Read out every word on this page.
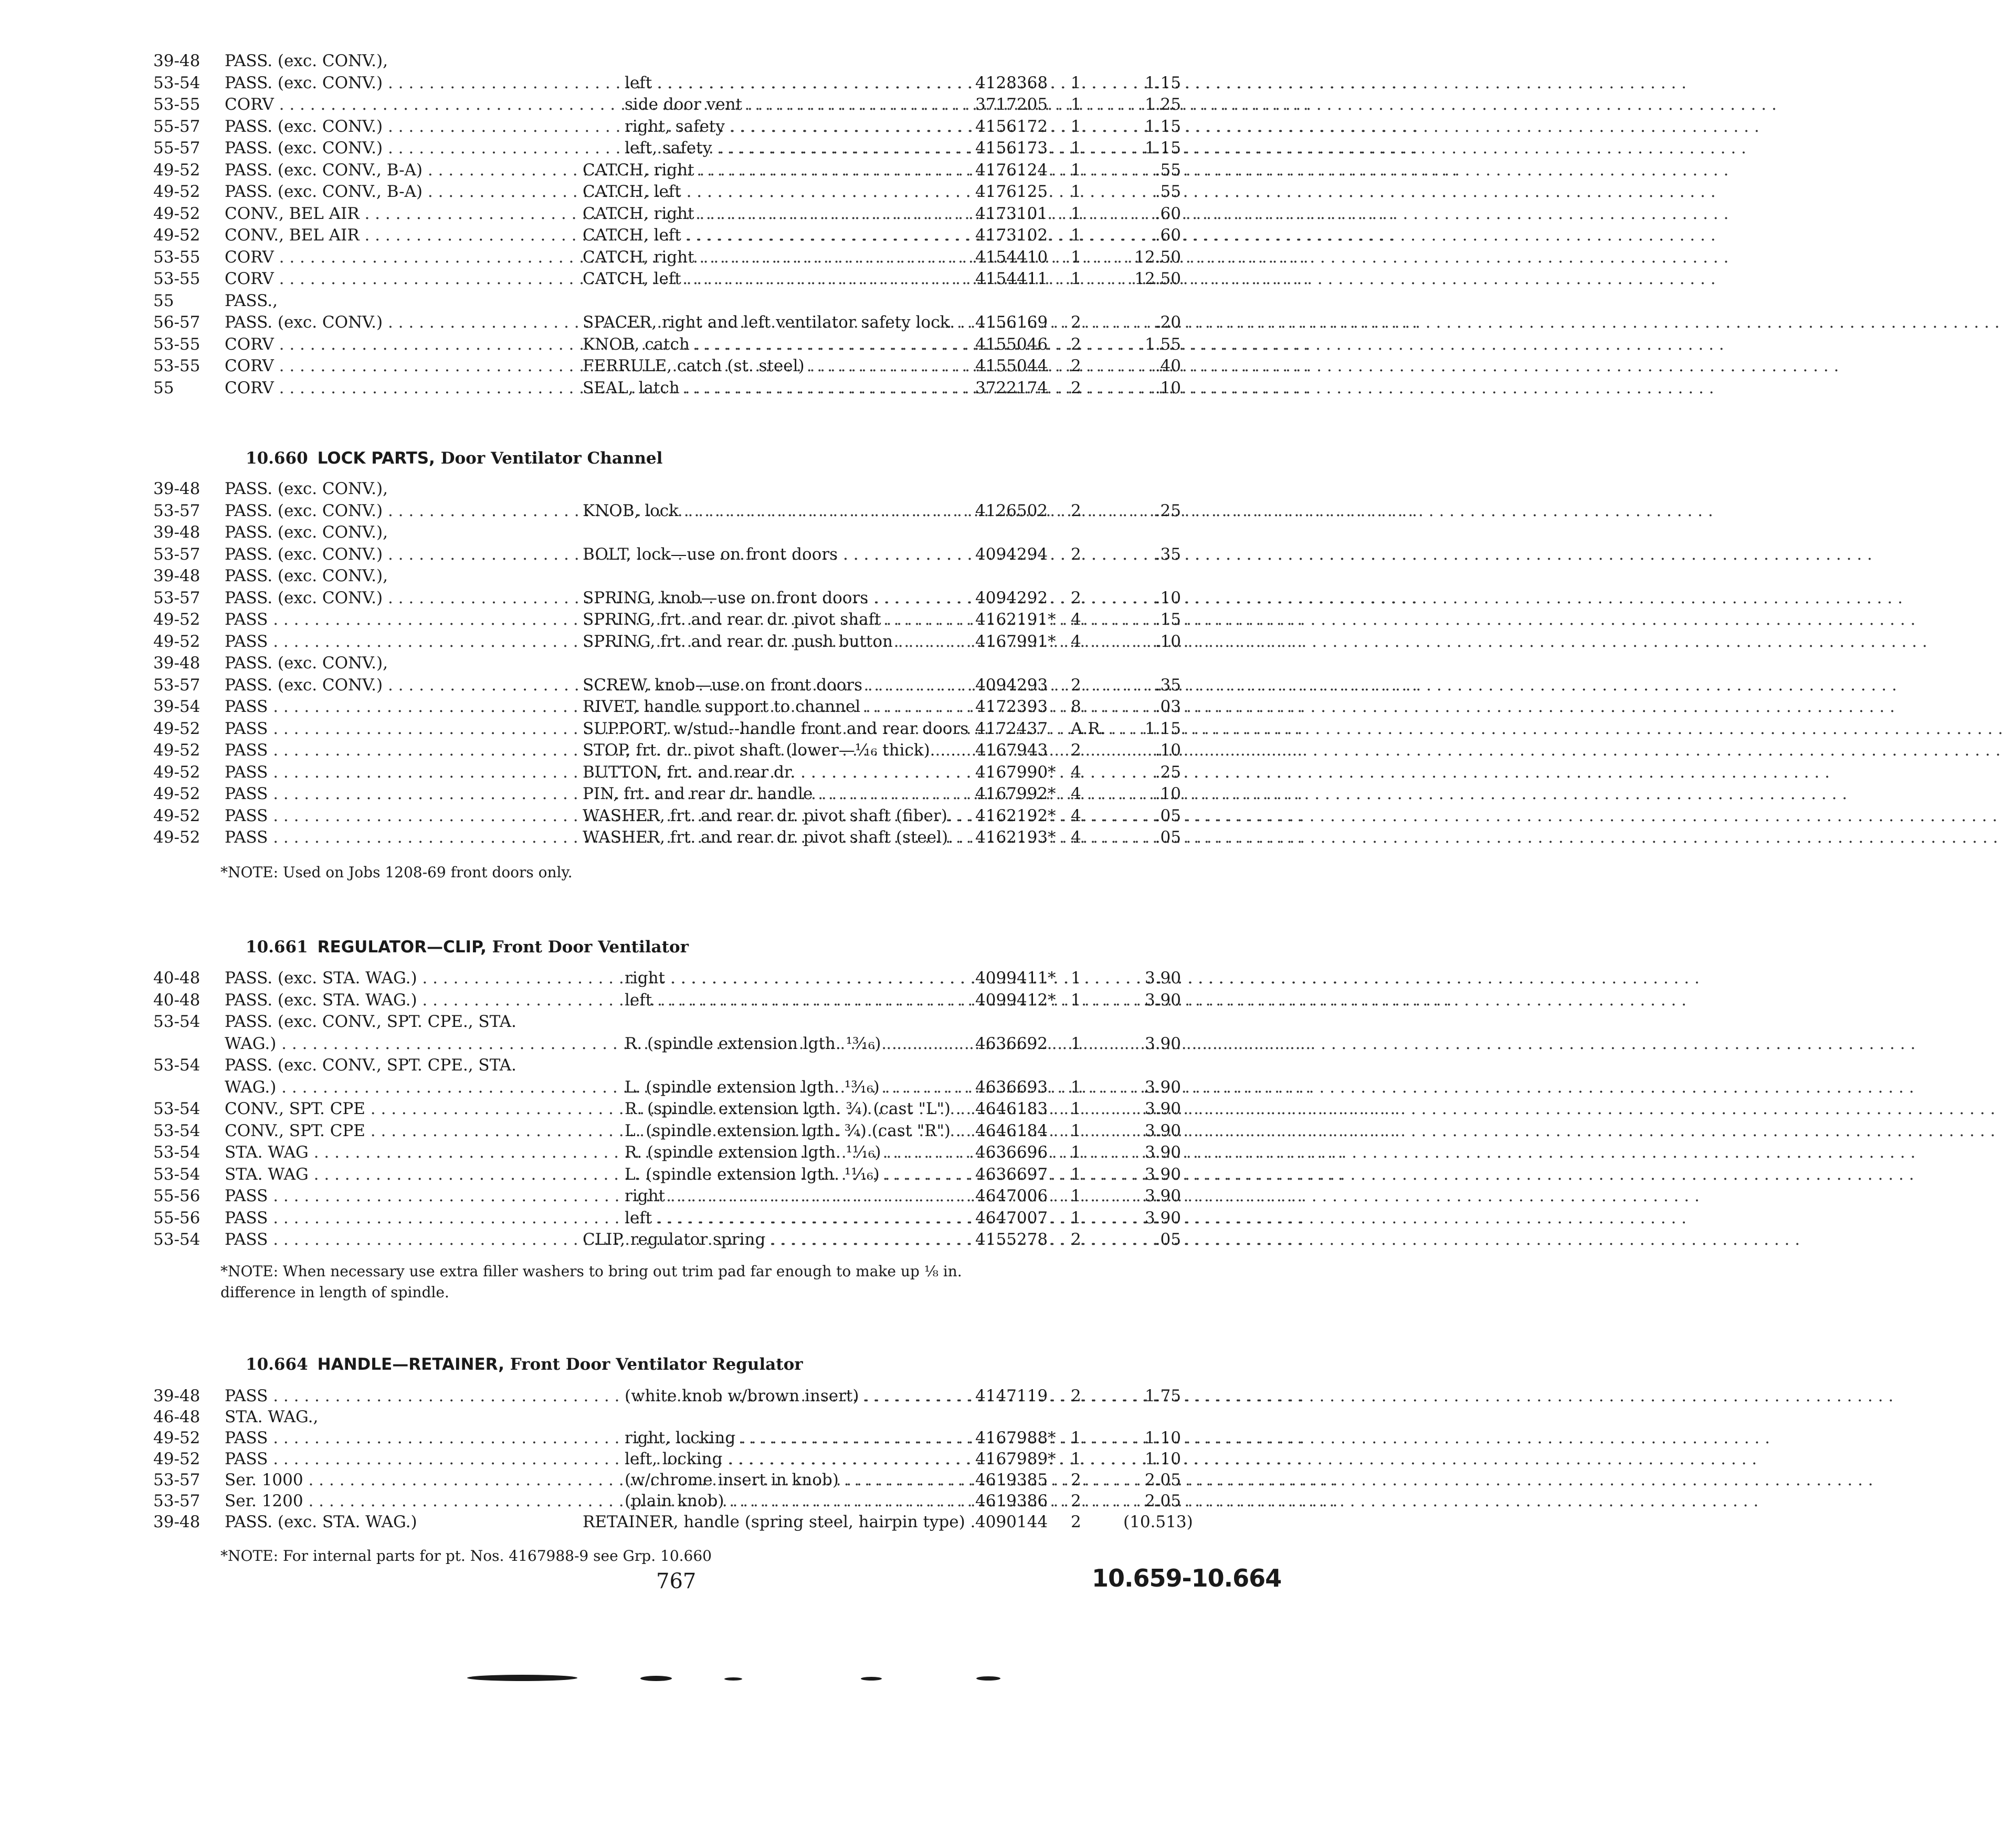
39-48	PASS. (exc. CONV.),
53-54	PASS. (exc. CONV.) . . .	left . . .	4128368	1	1.15
53-55	CORV . . .	side door vent . . .	3717205	1	1.25
55-57	PASS. (exc. CONV.) . . .	right, safety . . .	4156172	1	1.15
55-57	PASS. (exc. CONV.) . . .	left, safety . . .	4156173	1	1.15
49-52	PASS. (exc. CONV., B-A) . . .	CATCH, right . . .	4176124	1	.55
49-52	PASS. (exc. CONV., B-A) . . .	CATCH, left . . .	4176125	1	.55
49-52	CONV., BEL AIR . . .	CATCH, right . . .	4173101	1	.60
49-52	CONV., BEL AIR . . .	CATCH, left . . .	4173102	1	.60
53-55	CORV . . .	CATCH, right . . .	4154410	1	12.50
53-55	CORV . . .	CATCH, left . . .	4154411	1	12.50
55	PASS.,
56-57	PASS. (exc. CONV.) . . .	SPACER, right and left ventilator safety lock. . . . . 4156169	2	.20
53-55	CORV . . .	KNOB, catch . . .	4155046	2	1.55
53-55	CORV . . .	FERRULE, catch (st. steel) . . .	4155044	2	.40
55	CORV . . .	SEAL, latch . . .	3722174	2	.10
10.660 LOCK PARTS, Door Ventilator Channel
39-48	PASS. (exc. CONV.),
53-57	PASS. (exc. CONV.) . . .	KNOB, lock . . .	4126502	2	.25
39-48	PASS. (exc. CONV.),
53-57	PASS. (exc. CONV.) . . .	BOLT, lock—use on front doors . . .	4094294	2	.35
39-48	PASS. (exc. CONV.),
53-57	PASS. (exc. CONV.) . . .	SPRING, knob—use on front doors . . .	4094292	2	.10
49-52	PASS . . .	SPRING, frt. and rear dr. pivot shaft . . .	4162191* 4	.15
49-52	PASS . . .	SPRING, frt. and rear dr. push button . . .	4167991* 4	.10
39-48	PASS. (exc. CONV.),
53-57	PASS. (exc. CONV.) . . .	SCREW, knob—use on front doors . . .	4094293	2	.35
39-54	PASS . . .	RIVET, handle support to channel . . .	4172393	8	.03
49-52	PASS . . .	SUPPORT, w/stud--handle front and rear doors . . . 4172437	A.R.	1.15
49-52	PASS . . .	STOP, frt. dr. pivot shaft (lower—¹⁄₁₆ thick). . . . . . . 4167943	2	.10
49-52	PASS . . .	BUTTON, frt. and rear dr. . . .	4167990* 4	.25
49-52	PASS . . .	PIN, frt. and rear dr. handle . . .	4167992* 4	.10
49-52	PASS . . .	WASHER, frt. and rear dr. pivot shaft (fiber). . . . . 4162192* 4	.05
49-52	PASS . . .	WASHER, frt. and rear dr. pivot shaft (steel). . . . . 4162193* 4	.05
*NOTE: Used on Jobs 1208-69 front doors only.
10.661 REGULATOR—CLIP, Front Door Ventilator
40-48	PASS. (exc. STA. WAG.) . . .	right . . .	4099411* 1	3.90
40-48	PASS. (exc. STA. WAG.) . . .	left . . .	4099412* 1	3.90
53-54	PASS. (exc. CONV., SPT. CPE., STA.
WAG.) . . .	R. (spindle extension lgth. ¹³⁄₁₆) . . .	4636692	1	3.90
53-54	PASS. (exc. CONV., SPT. CPE., STA.
WAG.) . . .	L. (spindle extension lgth. ¹³⁄₁₆) . . .	4636693	1	3.90
53-54	CONV., SPT. CPE . . .	R. (spindle extension lgth. ³⁄₄) (cast "L") . . . . 4646183	1	3.90
53-54	CONV., SPT. CPE . . .	L. (spindle extension lgth. ³⁄₄) (cast "R") . . . . 4646184	1	3.90
53-54	STA. WAG . . .	R. (spindle extension lgth. ¹¹⁄₁₆) . . .	4636696	1	3.90
53-54	STA. WAG . . .	L. (spindle extension lgth. ¹¹⁄₁₆) . . .	4636697	1	3.90
55-56	PASS . . .	right . . .	4647006	1	3.90
55-56	PASS . . .	left . . .	4647007	1	3.90
53-54	PASS . . .	CLIP, regulator spring . . .	4155278	2	.05
*NOTE: When necessary use extra filler washers to bring out trim pad far enough to make up ⅛ in. difference in length of spindle.
10.664 HANDLE—RETAINER, Front Door Ventilator Regulator
39-48	PASS . . .	(white knob w/brown insert) . . .	4147119	2	1.75
46-48	STA. WAG.,
49-52	PASS . . .	right, locking . . .	4167988* 1	1.10
49-52	PASS . . .	left, locking . . .	4167989* 1	1.10
53-57	Ser. 1000 . . .	(w/chrome insert in knob) . . .	4619385	2	2.05
53-57	Ser. 1200 . . .	(plain knob) . . .	4619386	2	2.05
39-48	PASS. (exc. STA. WAG.)	RETAINER, handle (spring steel, hairpin type) . 4090144	2	(10.513)
*NOTE: For internal parts for pt. Nos. 4167988-9 see Grp. 10.660
767	10.659-10.664
